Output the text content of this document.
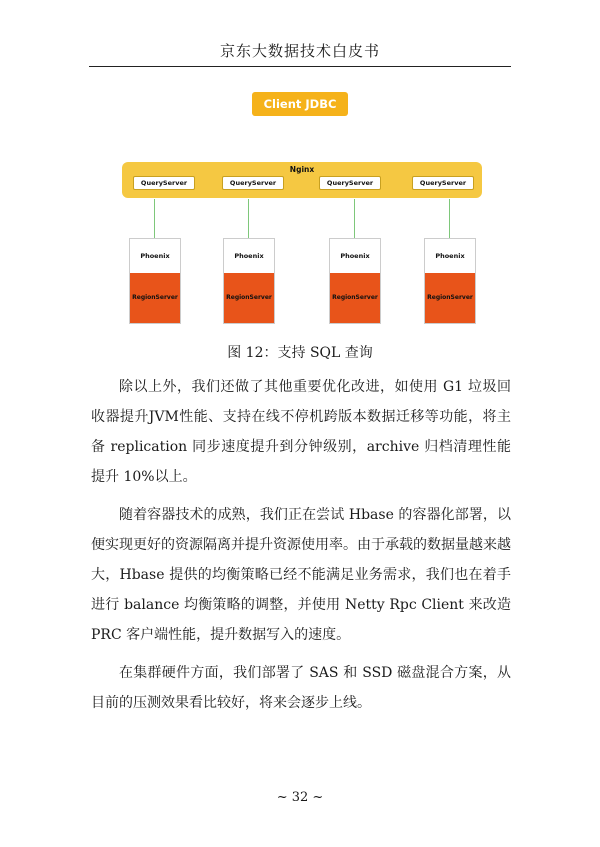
京东大数据技术白皮书
Client JDBC
Nginx
QueryServer	QueryServer	QueryServer	QueryServer
Phoenix
RegionServer
Phoenix
RegionServer
Phoenix
RegionServer
Phoenix
RegionServer
图 12：支持 SQL 查询

除以上外，我们还做了其他重要优化改进，如使用 G1 垃圾回收器提升JVM性能、支持在线不停机跨版本数据迁移等功能，将主备 replication 同步速度提升到分钟级别，archive 归档清理性能提升 10%以上。

随着容器技术的成熟，我们正在尝试 Hbase 的容器化部署，以便实现更好的资源隔离并提升资源使用率。由于承载的数据量越来越大，Hbase 提供的均衡策略已经不能满足业务需求，我们也在着手进行 balance 均衡策略的调整，并使用 Netty Rpc Client 来改造 PRC 客户端性能，提升数据写入的速度。

在集群硬件方面，我们部署了 SAS 和 SSD 磁盘混合方案，从目前的压测效果看比较好，将来会逐步上线。

~ 32 ~
